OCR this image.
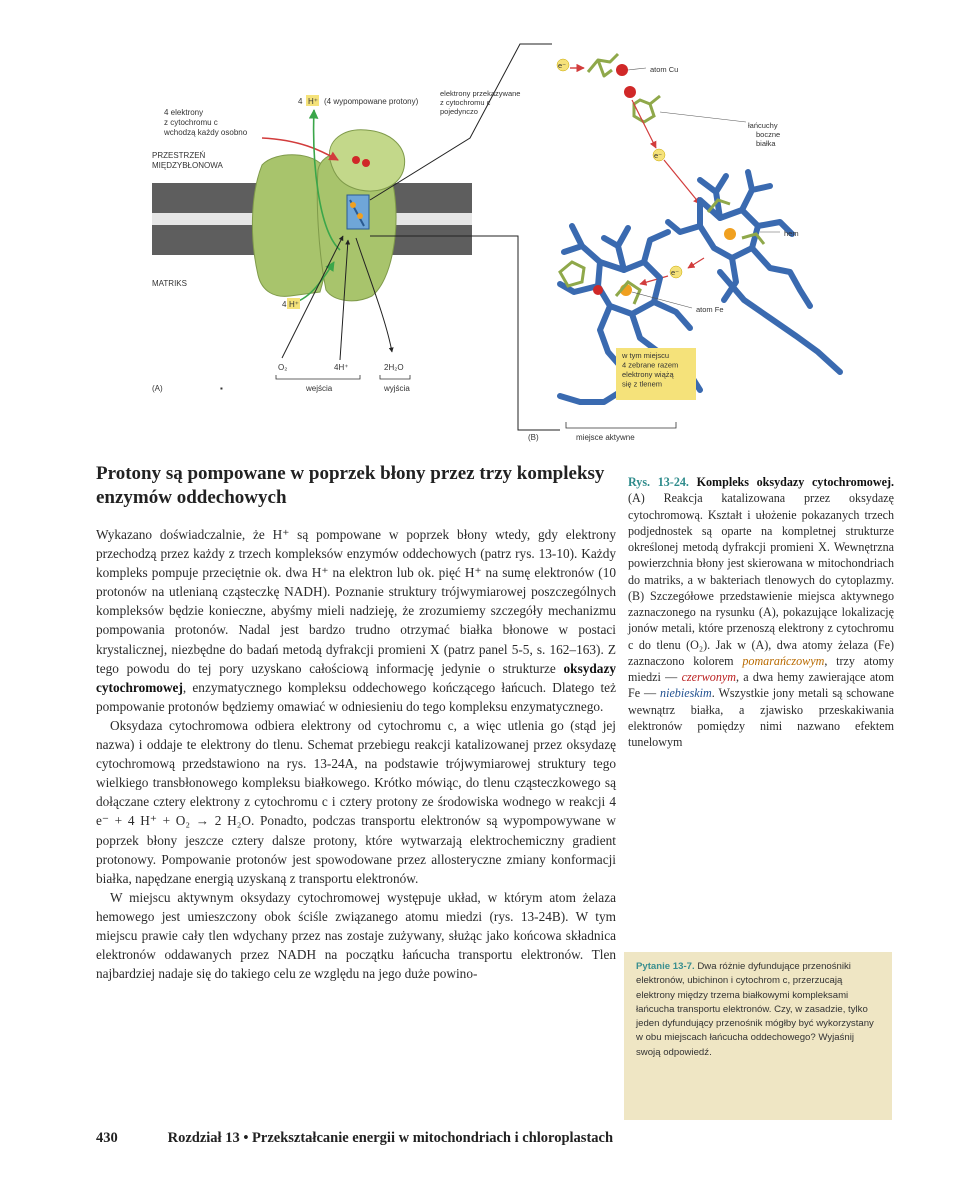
4 elektrony z cytochromu c wchodzą każdy osobno
PRZESTRZEŃ MIĘDZYBŁONOWA
MATRIKS
4 H⁺ (4 wypompowane protony)
4 H⁺
O₂	4H⁺	2H₂O
wejścia	wyjścia
(A)	▪
elektrony przekazywane z cytochromu c pojedynczo
(B)	miejsce aktywne
e⁻	atom Cu
łańcuchy boczne białka
e⁻
hem
e⁻
atom Fe
w tym miejscu 4 zebrane razem elektrony wiążą się z tlenem
Protony są pompowane w poprzek błony przez trzy kompleksy enzymów oddechowych

Wykazano doświadczalnie, że H⁺ są pompowane w poprzek błony wtedy, gdy elektrony przechodzą przez każdy z trzech kompleksów enzymów oddechowych (patrz rys. 13-10). Każdy kompleks pompuje przeciętnie ok. dwa H⁺ na elektron lub ok. pięć H⁺ na sumę elektronów (10 protonów na utlenianą cząsteczkę NADH). Poznanie struktury trójwymiarowej poszczególnych kompleksów będzie konieczne, abyśmy mieli nadzieję, że zrozumiemy szczegóły mechanizmu pompowania protonów. Nadal jest bardzo trudno otrzymać białka błonowe w postaci krystalicznej, niezbędne do badań metodą dyfrakcji promieni X (patrz panel 5-5, s. 162–163). Z tego powodu do tej pory uzyskano całościową informację jedynie o strukturze oksydazy cytochromowej, enzymatycznego kompleksu oddechowego kończącego łańcuch. Dlatego też pompowanie protonów będziemy omawiać w odniesieniu do tego kompleksu enzymatycznego.

Oksydaza cytochromowa odbiera elektrony od cytochromu c, a więc utlenia go (stąd jej nazwa) i oddaje te elektrony do tlenu. Schemat przebiegu reakcji katalizowanej przez oksydazę cytochromową przedstawiono na rys. 13-24A, na podstawie trójwymiarowej struktury tego wielkiego transbłonowego kompleksu białkowego. Krótko mówiąc, do tlenu cząsteczkowego są dołączane cztery elektrony z cytochromu c i cztery protony ze środowiska wodnego w reakcji 4 e⁻ + 4 H⁺ + O₂ → 2 H₂O. Ponadto, podczas transportu elektronów są wypompowywane w poprzek błony jeszcze cztery dalsze protony, które wytwarzają elektrochemiczny gradient protonowy. Pompowanie protonów jest spowodowane przez allosteryczne zmiany konformacji białka, napędzane energią uzyskaną z transportu elektronów.

W miejscu aktywnym oksydazy cytochromowej występuje układ, w którym atom żelaza hemowego jest umieszczony obok ściśle związanego atomu miedzi (rys. 13-24B). W tym miejscu prawie cały tlen wdychany przez nas zostaje zużywany, służąc jako końcowa składnica elektronów oddawanych przez NADH na początku łańcucha transportu elektronów. Tlen najbardziej nadaje się do takiego celu ze względu na jego duże powino-

Rys. 13-24. Kompleks oksydazy cytochromowej. (A) Reakcja katalizowana przez oksydazę cytochromową. Kształt i ułożenie pokazanych trzech podjednostek są oparte na kompletnej strukturze określonej metodą dyfrakcji promieni X. Wewnętrzna powierzchnia błony jest skierowana w mitochondriach do matriks, a w bakteriach tlenowych do cytoplazmy. (B) Szczegółowe przedstawienie miejsca aktywnego zaznaczonego na rysunku (A), pokazujące lokalizację jonów metali, które przenoszą elektrony z cytochromu c do tlenu (O₂). Jak w (A), dwa atomy żelaza (Fe) zaznaczono kolorem pomarańczowym, trzy atomy miedzi — czerwonym, a dwa hemy zawierające atom Fe — niebieskim. Wszystkie jony metali są schowane wewnątrz białka, a zjawisko przeskakiwania elektronów pomiędzy nimi nazwano efektem tunelowym
Pytanie 13-7. Dwa różnie dyfundujące przenośniki elektronów, ubichinon i cytochrom c, przerzucają elektrony między trzema białkowymi kompleksami łańcucha transportu elektronów. Czy, w zasadzie, tylko jeden dyfundujący przenośnik mógłby być wykorzystany w obu miejscach łańcucha oddechowego? Wyjaśnij swoją odpowiedź.
430	Rozdział 13 • Przekształcanie energii w mitochondriach i chloroplastach
